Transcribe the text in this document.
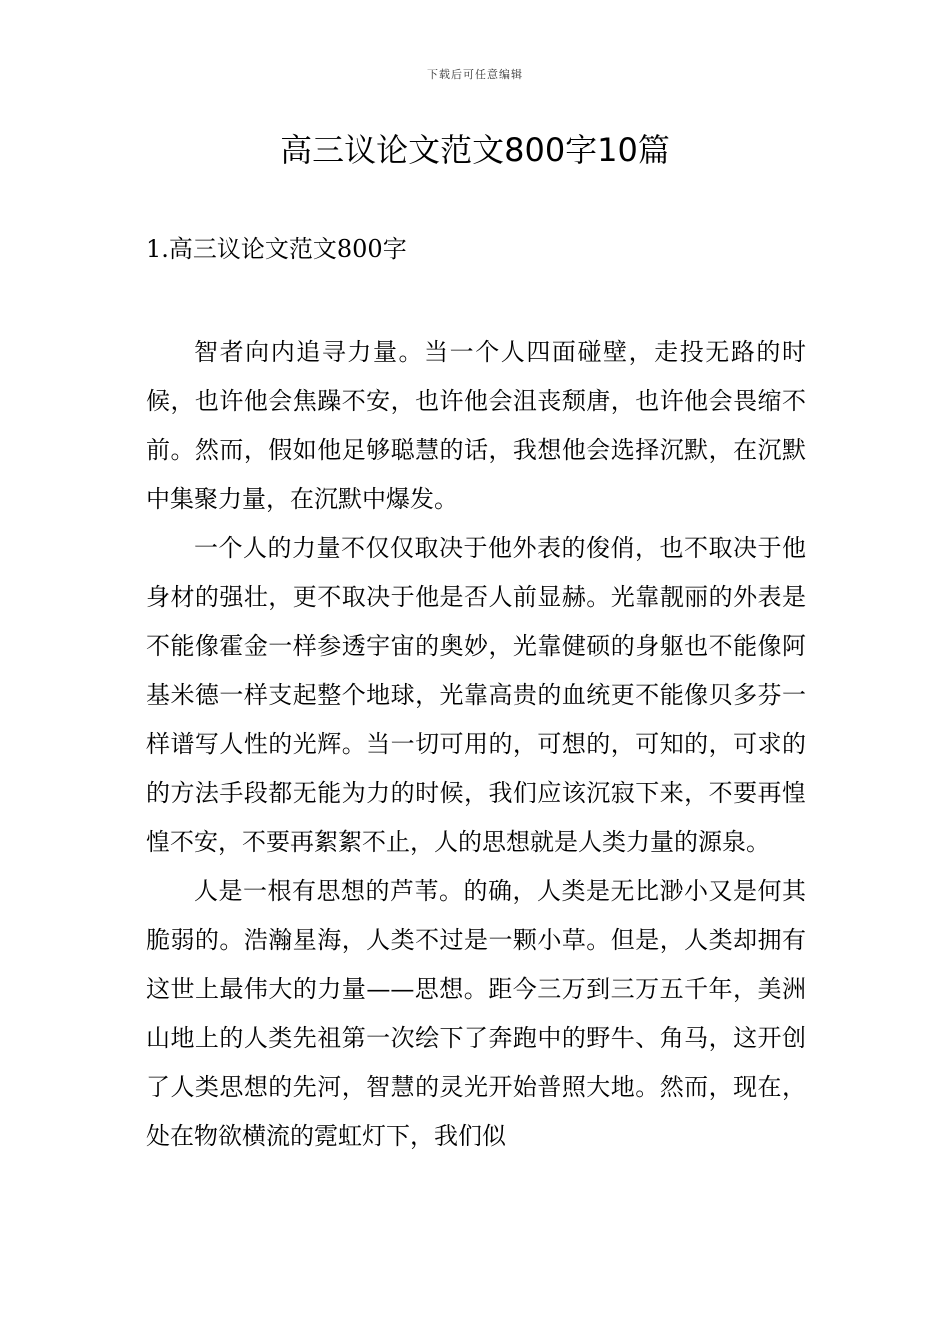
下载后可任意编辑
高三议论文范文800字10篇
1.高三议论文范文800字

智者向内追寻力量。当一个人四面碰壁，走投无路的时候，也许他会焦躁不安，也许他会沮丧颓唐，也许他会畏缩不前。然而，假如他足够聪慧的话，我想他会选择沉默，在沉默中集聚力量，在沉默中爆发。

一个人的力量不仅仅取决于他外表的俊俏，也不取决于他身材的强壮，更不取决于他是否人前显赫。光靠靓丽的外表是不能像霍金一样参透宇宙的奥妙，光靠健硕的身躯也不能像阿基米德一样支起整个地球，光靠高贵的血统更不能像贝多芬一样谱写人性的光辉。当一切可用的，可想的，可知的，可求的的方法手段都无能为力的时候，我们应该沉寂下来，不要再惶惶不安，不要再絮絮不止，人的思想就是人类力量的源泉。

人是一根有思想的芦苇。的确，人类是无比渺小又是何其脆弱的。浩瀚星海，人类不过是一颗小草。但是，人类却拥有这世上最伟大的力量——思想。距今三万到三万五千年，美洲山地上的人类先祖第一次绘下了奔跑中的野牛、角马，这开创了人类思想的先河，智慧的灵光开始普照大地。然而，现在，处在物欲横流的霓虹灯下，我们似
